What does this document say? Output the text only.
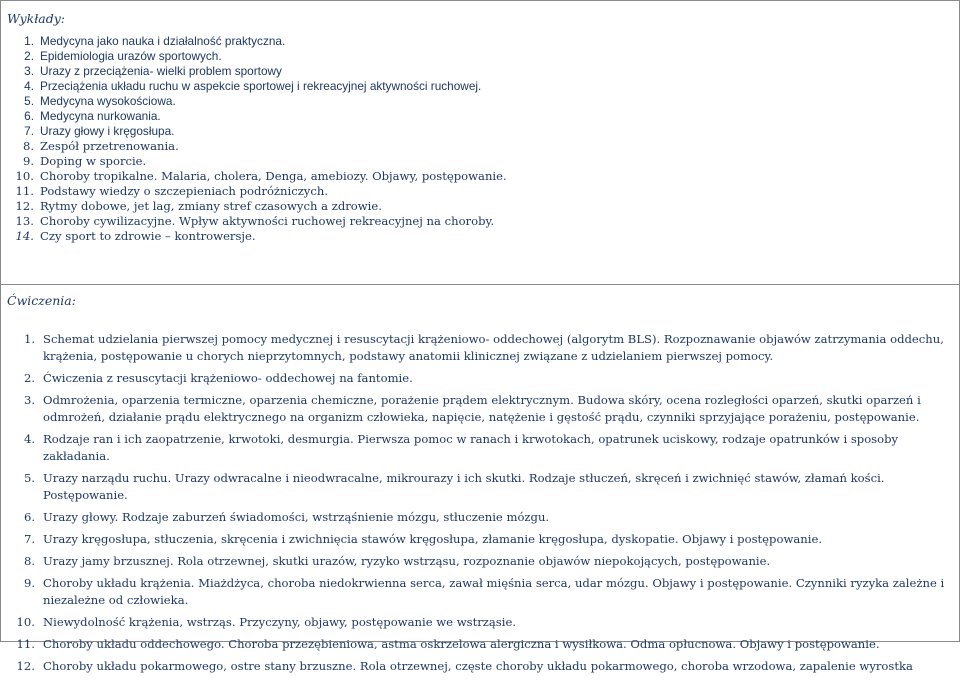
Wykłady:
1. Medycyna jako nauka i działalność praktyczna.
2. Epidemiologia urazów sportowych.
3. Urazy z przeciążenia- wielki problem sportowy
4. Przeciążenia układu ruchu w aspekcie sportowej i rekreacyjnej aktywności ruchowej.
5. Medycyna wysokościowa.
6. Medycyna nurkowania.
7. Urazy głowy i kręgosłupa.
8. Zespół przetrenowania.
9. Doping w sporcie.
10. Choroby tropikalne. Malaria, cholera, Denga, amebiozy. Objawy, postępowanie.
11. Podstawy wiedzy o szczepieniach podróżniczych.
12. Rytmy dobowe, jet lag, zmiany stref czasowych a zdrowie.
13. Choroby cywilizacyjne. Wpływ aktywności ruchowej rekreacyjnej na choroby.
14. Czy sport to zdrowie – kontrowersje.
Ćwiczenia:
1. Schemat udzielania pierwszej pomocy medycznej i resuscytacji krążeniowo- oddechowej (algorytm BLS). Rozpoznawanie objawów zatrzymania oddechu, krążenia, postępowanie u chorych nieprzytomnych, podstawy anatomii klinicznej związane z udzielaniem pierwszej pomocy.
2. Ćwiczenia z resuscytacji krążeniowo- oddechowej na fantomie.
3. Odmrożenia, oparzenia termiczne, oparzenia chemiczne, porażenie prądem elektrycznym. Budowa skóry, ocena rozległości oparzeń, skutki oparzeń i odmrożeń, działanie prądu elektrycznego na organizm człowieka, napięcie, natężenie i gęstość prądu, czynniki sprzyjające porażeniu, postępowanie.
4. Rodzaje ran i ich zaopatrzenie, krwotoki, desmurgia. Pierwsza pomoc w ranach i krwotokach, opatrunek uciskowy, rodzaje opatrunków i sposoby zakładania.
5. Urazy narządu ruchu. Urazy odwracalne i nieodwracalne, mikrourazy i ich skutki. Rodzaje stłuczeń, skręceń i zwichnięć stawów, złamań kości. Postępowanie.
6. Urazy głowy. Rodzaje zaburzeń świadomości, wstrząśnienie mózgu, stłuczenie mózgu.
7. Urazy kręgosłupa, stłuczenia, skręcenia i zwichnięcia stawów kręgosłupa, złamanie kręgosłupa, dyskopatie. Objawy i postępowanie.
8. Urazy jamy brzusznej. Rola otrzewnej, skutki urazów, ryzyko wstrząsu, rozpoznanie objawów niepokojących, postępowanie.
9. Choroby układu krążenia. Miażdżyca, choroba niedokrwienna serca, zawał mięśnia serca, udar mózgu. Objawy i postępowanie. Czynniki ryzyka zależne i niezależne od człowieka.
10. Niewydolność krążenia, wstrząs. Przyczyny, objawy, postępowanie we wstrząsie.
11. Choroby układu oddechowego. Choroba przezębieniowa, astma oskrzelowa alergiczna i wysiłkowa. Odma opłucnowa. Objawy i postępowanie.
12. Choroby układu pokarmowego, ostre stany brzuszne. Rola otrzewnej, częste choroby układu pokarmowego, choroba wrzodowa, zapalenie wyrostka
